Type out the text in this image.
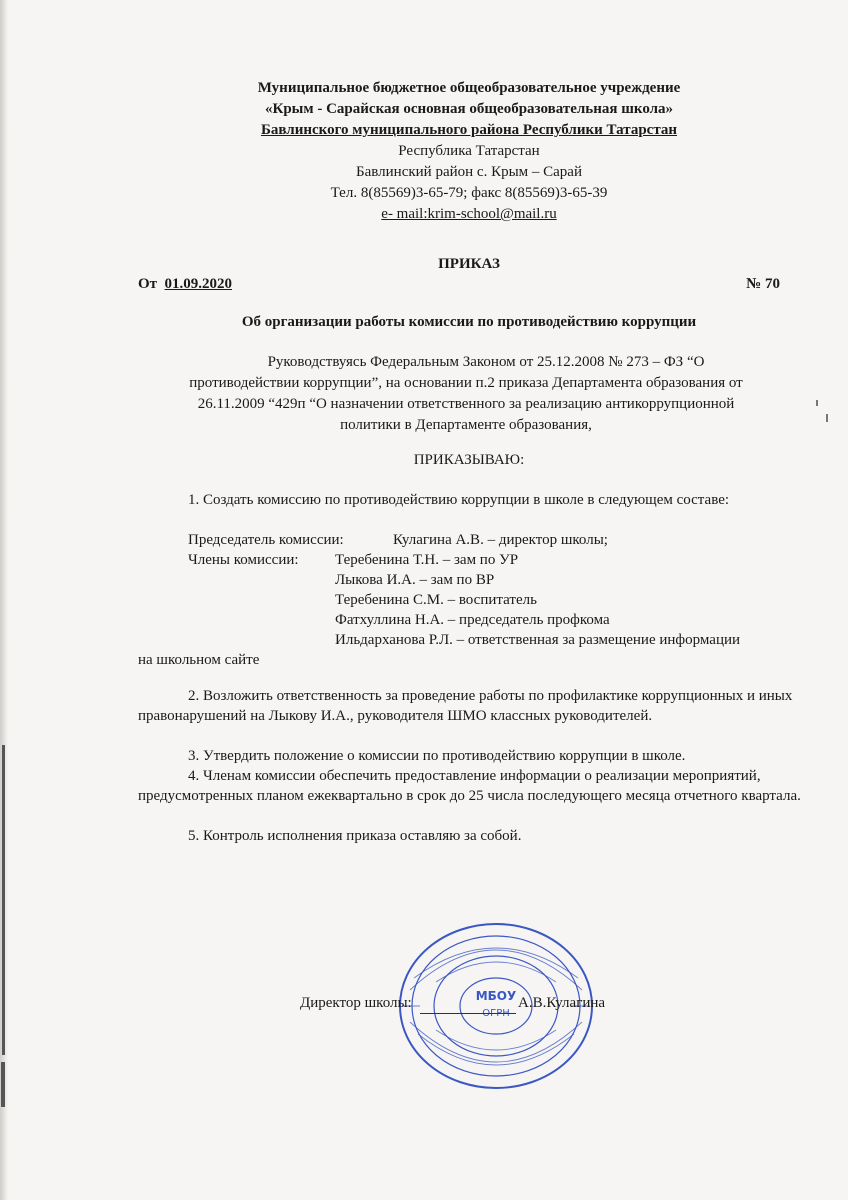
Муниципальное бюджетное общеобразовательное учреждение
«Крым - Сарайская основная общеобразовательная школа»
Бавлинского муниципального района Республики Татарстан
Республика Татарстан
Бавлинский район с. Крым – Сарай
Тел. 8(85569)3-65-79; факс 8(85569)3-65-39
е- mail:krim-school@mail.ru
ПРИКАЗ
От 01.09.2020	№ 70
Об организации работы комиссии по противодействию коррупции
Руководствуясь Федеральным Законом от 25.12.2008 № 273 – ФЗ “О
противодействии коррупции”, на основании п.2 приказа Департамента образования от
26.11.2009 “429п “О назначении ответственного за реализацию антикоррупционной
политики в Департаменте образования,
ПРИКАЗЫВАЮ:
1. Создать комиссию по противодействию коррупции в школе в следующем составе:
Председатель комиссии:	Кулагина А.В. – директор школы;
Члены комиссии: Теребенина Т.Н. – зам по УР
Лыкова И.А. – зам по ВР
Теребенина С.М. – воспитатель
Фатхуллина Н.А. – председатель профкома
Ильдарханова Р.Л. – ответственная за размещение информации
на школьном сайте
2. Возложить ответственность за проведение работы по профилактике коррупционных и иных правонарушений на Лыкову И.А., руководителя ШМО классных руководителей.
3. Утвердить положение о комиссии по противодействию коррупции в школе.
4. Членам комиссии обеспечить предоставление информации о реализации мероприятий, предусмотренных планом ежеквартально в срок до 25 числа последующего месяца отчетного квартала.
5. Контроль исполнения приказа оставляю за собой.
МБОУ
Директор школы:	А.В.Кулагина
